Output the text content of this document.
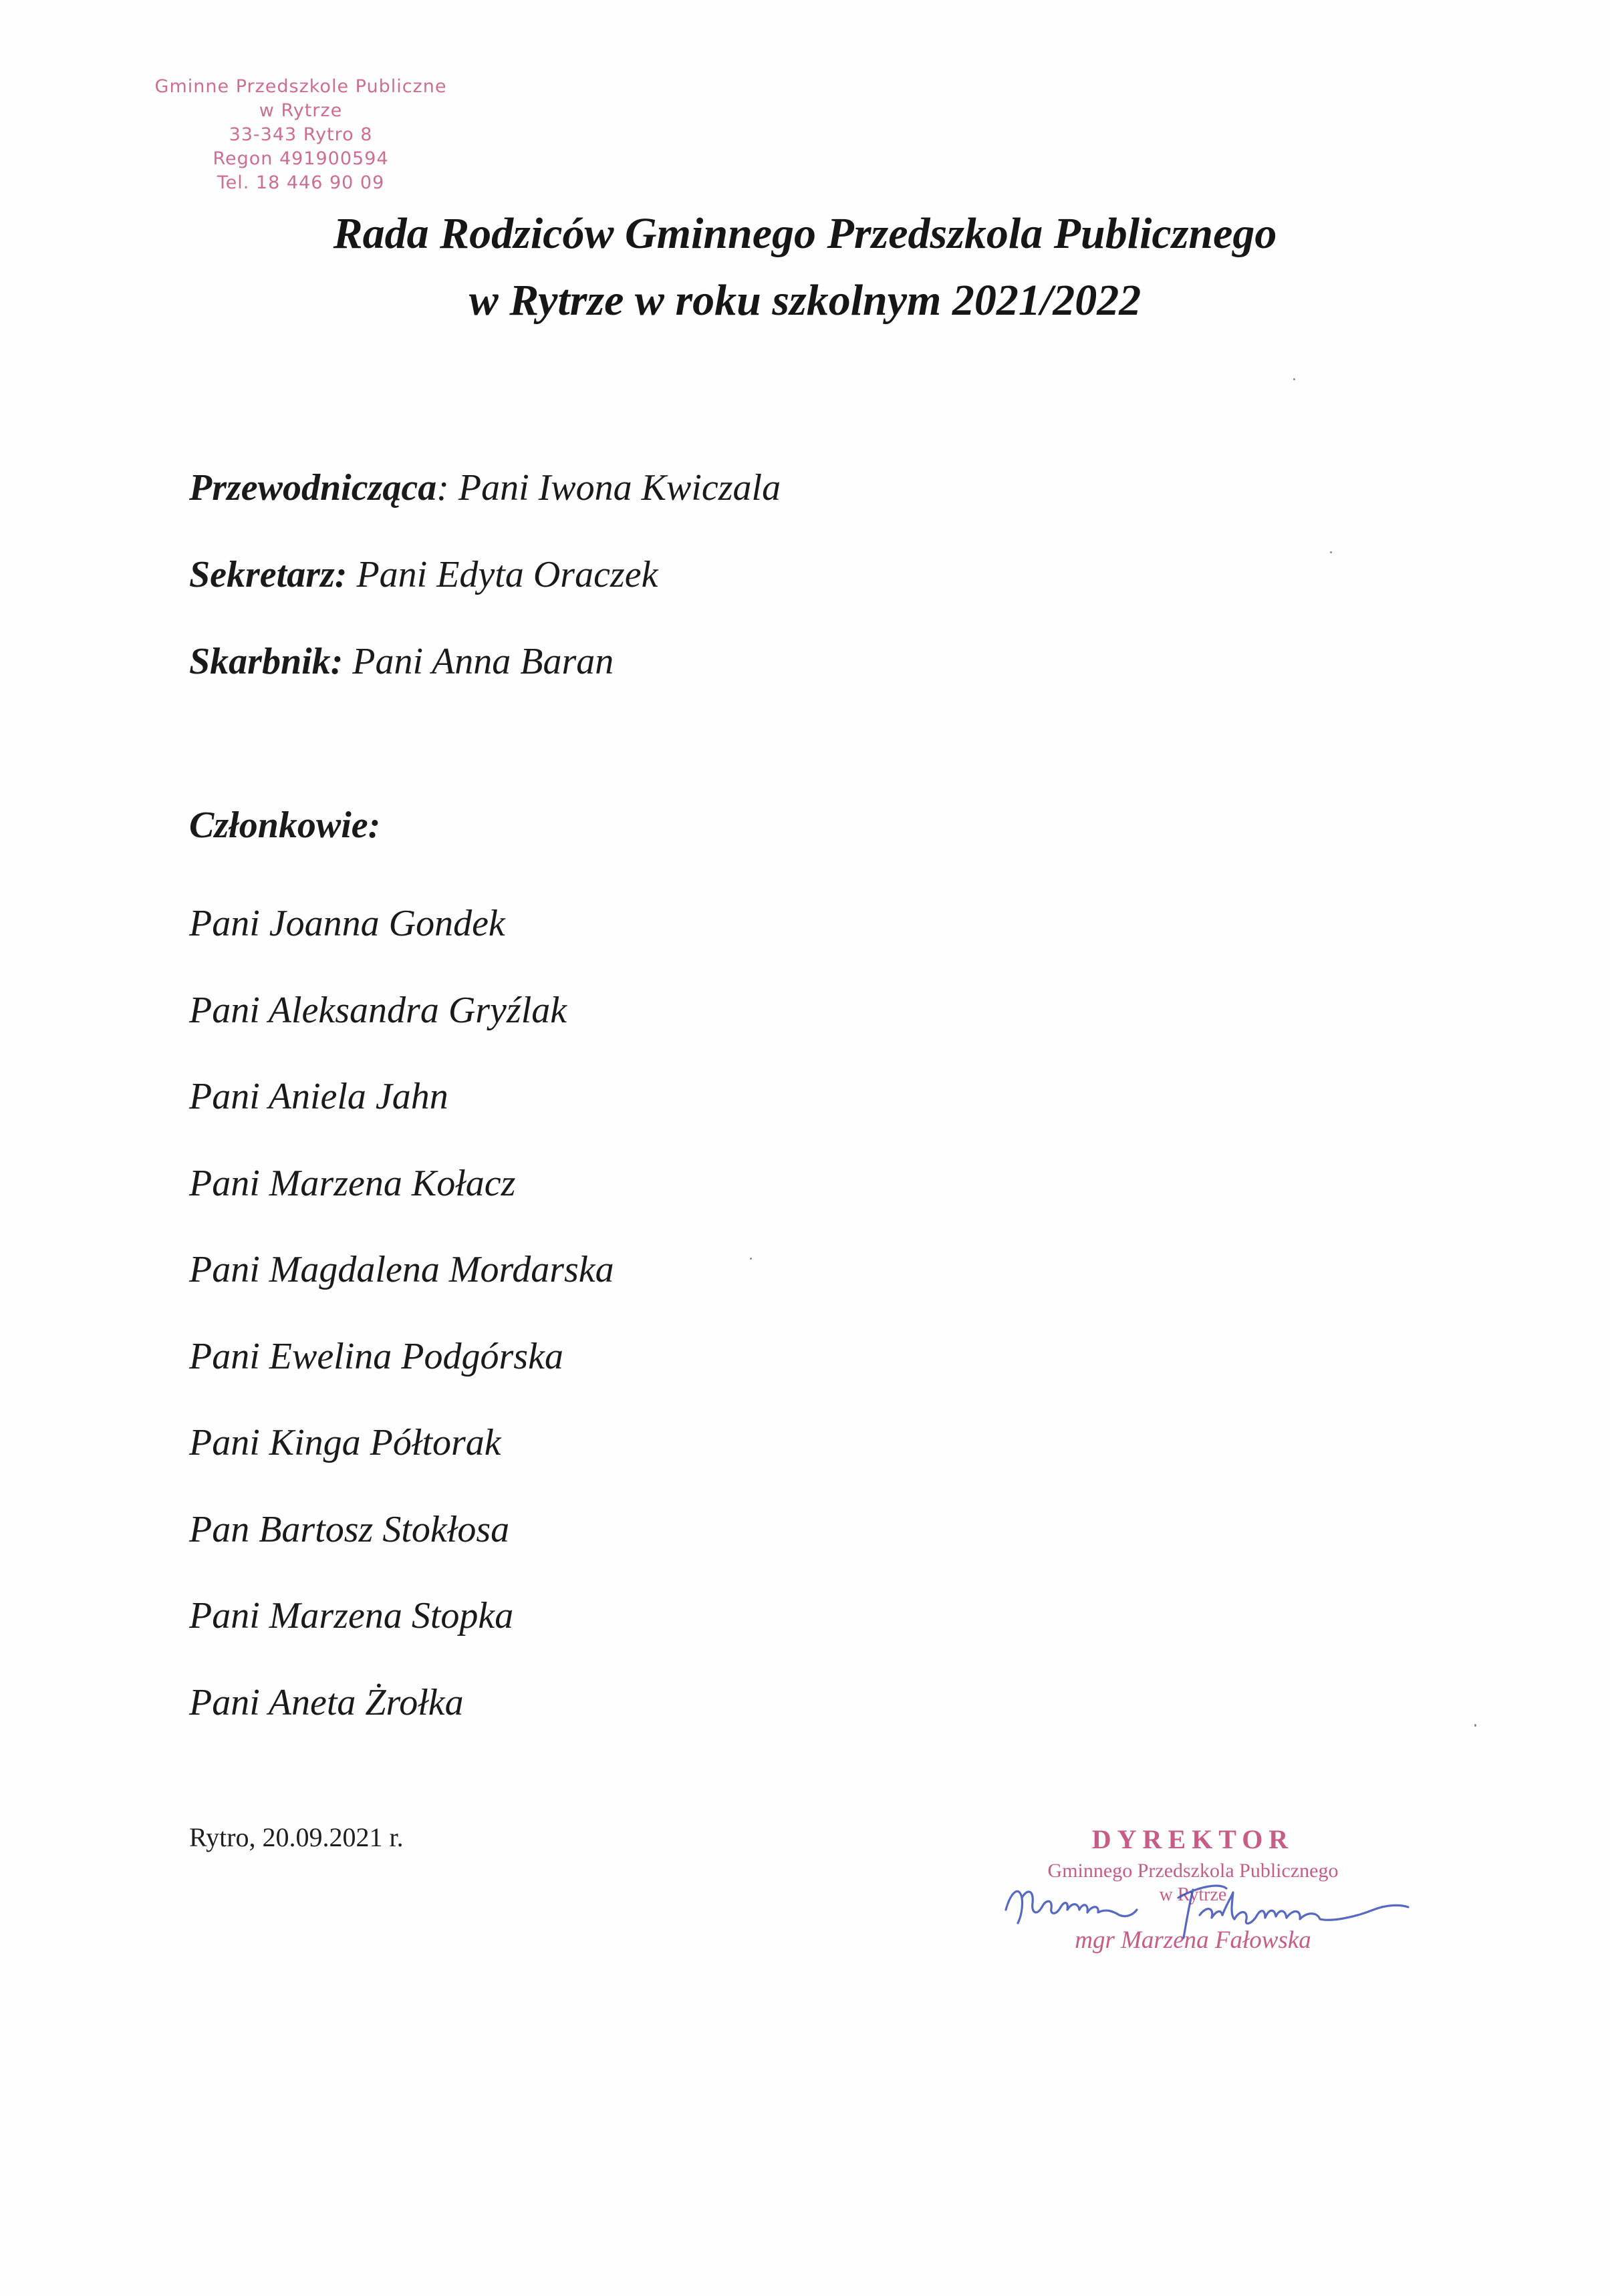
Gminne Przedszkole Publiczne
w Rytrze
33-343 Rytro 8
Regon 491900594
Tel. 18 446 90 09
Rada Rodziców Gminnego Przedszkola Publicznego
w Rytrze w roku szkolnym 2021/2022
Przewodnicząca: Pani Iwona Kwiczala
Sekretarz: Pani Edyta Oraczek
Skarbnik: Pani Anna Baran
Członkowie:
Pani Joanna Gondek
Pani Aleksandra Gryźlak
Pani Aniela Jahn
Pani Marzena Kołacz
Pani Magdalena Mordarska
Pani Ewelina Podgórska
Pani Kinga Półtorak
Pan Bartosz Stokłosa
Pani Marzena Stopka
Pani Aneta Żrołka
Rytro, 20.09.2021 r.	DYREKTOR
Gminnego Przedszkola Publicznego
w Rytrze
mgr Marzena Fałowska
